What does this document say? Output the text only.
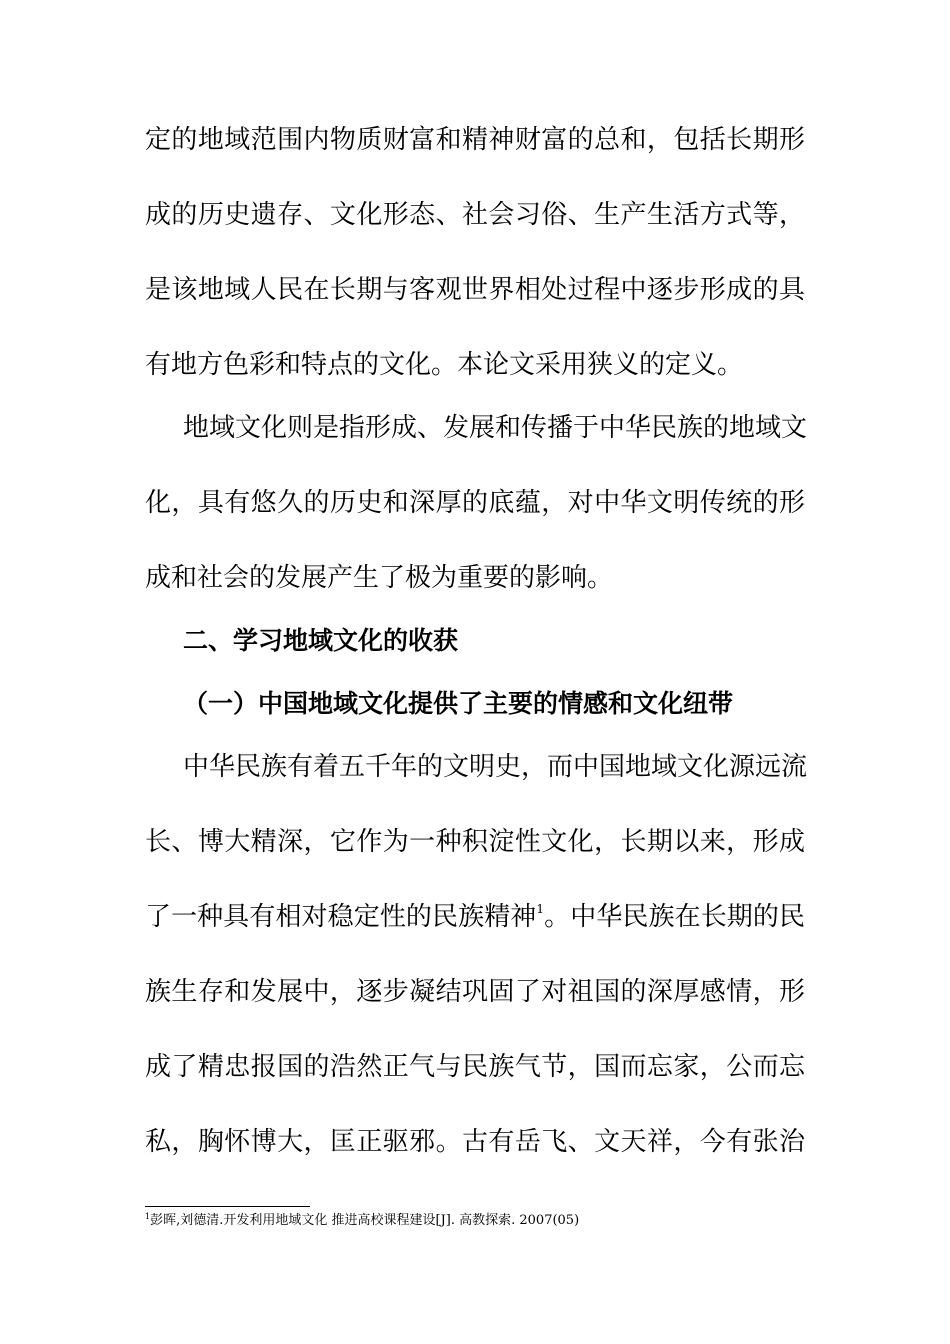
定的地域范围内物质财富和精神财富的总和，包括长期形
成的历史遗存、文化形态、社会习俗、生产生活方式等，
是该地域人民在长期与客观世界相处过程中逐步形成的具
有地方色彩和特点的文化。本论文采用狭义的定义。
地域文化则是指形成、发展和传播于中华民族的地域文
化，具有悠久的历史和深厚的底蕴，对中华文明传统的形
成和社会的发展产生了极为重要的影响。
二、学习地域文化的收获
（一）中国地域文化提供了主要的情感和文化纽带
中华民族有着五千年的文明史，而中国地域文化源远流
长、博大精深，它作为一种积淀性文化，长期以来，形成
了一种具有相对稳定性的民族精神$^1$。中华民族在长期的民
族生存和发展中，逐步凝结巩固了对祖国的深厚感情，形
成了精忠报国的浩然正气与民族气节，国而忘家，公而忘
私，胸怀博大，匡正驱邪。古有岳飞、文天祥，今有张治
$^1$彭晖,刘德清.开发利用地域文化 推进高校课程建设[J]. 高教探索. 2007(05)
